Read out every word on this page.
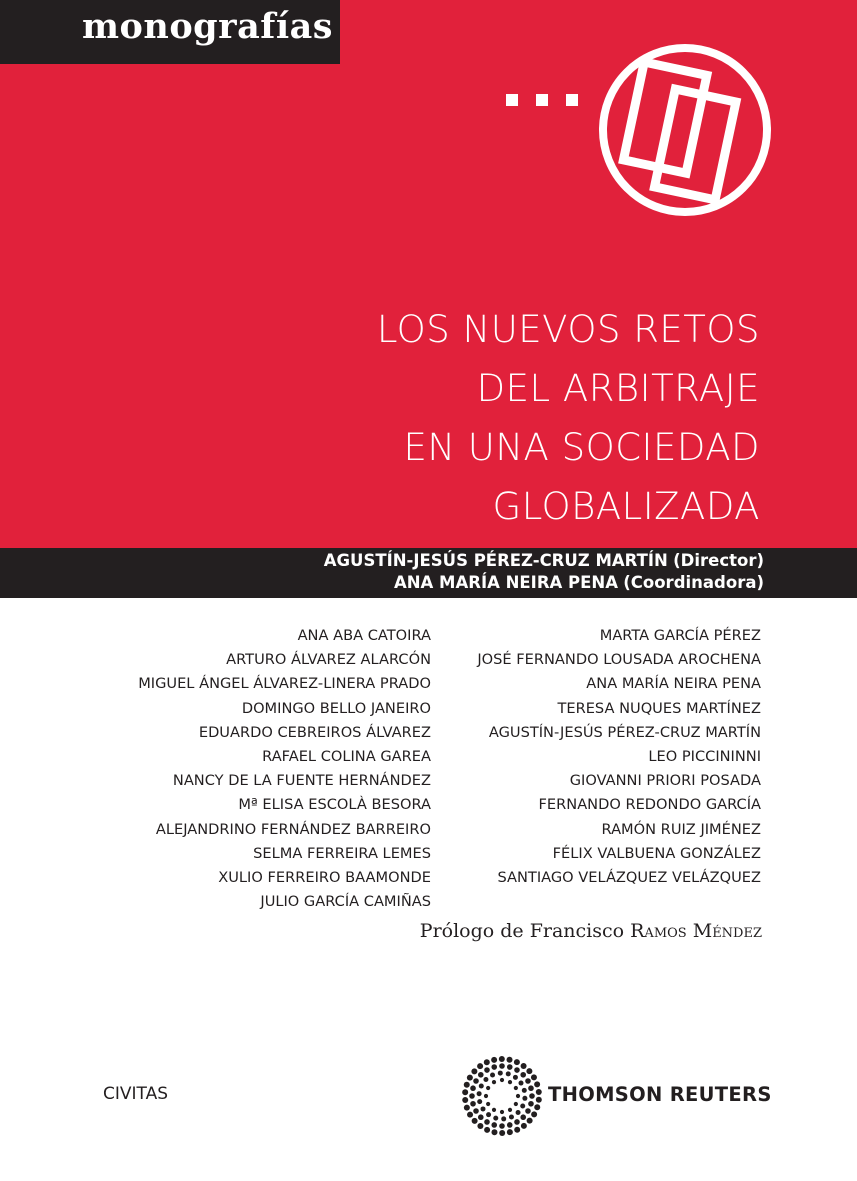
monografías
LOS NUEVOS RETOS
DEL ARBITRAJE
EN UNA SOCIEDAD
GLOBALIZADA
AGUSTÍN-JESÚS PÉREZ-CRUZ MARTÍN (Director)
ANA MARÍA NEIRA PENA (Coordinadora)
ANA ABA CATOIRA
ARTURO ÁLVAREZ ALARCÓN
MIGUEL ÁNGEL ÁLVAREZ-LINERA PRADO
DOMINGO BELLO JANEIRO
EDUARDO CEBREIROS ÁLVAREZ
RAFAEL COLINA GAREA
NANCY DE LA FUENTE HERNÁNDEZ
Mª ELISA ESCOLÀ BESORA
ALEJANDRINO FERNÁNDEZ BARREIRO
SELMA FERREIRA LEMES
XULIO FERREIRO BAAMONDE
JULIO GARCÍA CAMIÑAS
MARTA GARCÍA PÉREZ
JOSÉ FERNANDO LOUSADA AROCHENA
ANA MARÍA NEIRA PENA
TERESA NUQUES MARTÍNEZ
AGUSTÍN-JESÚS PÉREZ-CRUZ MARTÍN
LEO PICCININNI
GIOVANNI PRIORI POSADA
FERNANDO REDONDO GARCÍA
RAMÓN RUIZ JIMÉNEZ
FÉLIX VALBUENA GONZÁLEZ
SANTIAGO VELÁZQUEZ VELÁZQUEZ
Prólogo de Francisco Ramos Méndez
CIVITAS	THOMSON REUTERS
